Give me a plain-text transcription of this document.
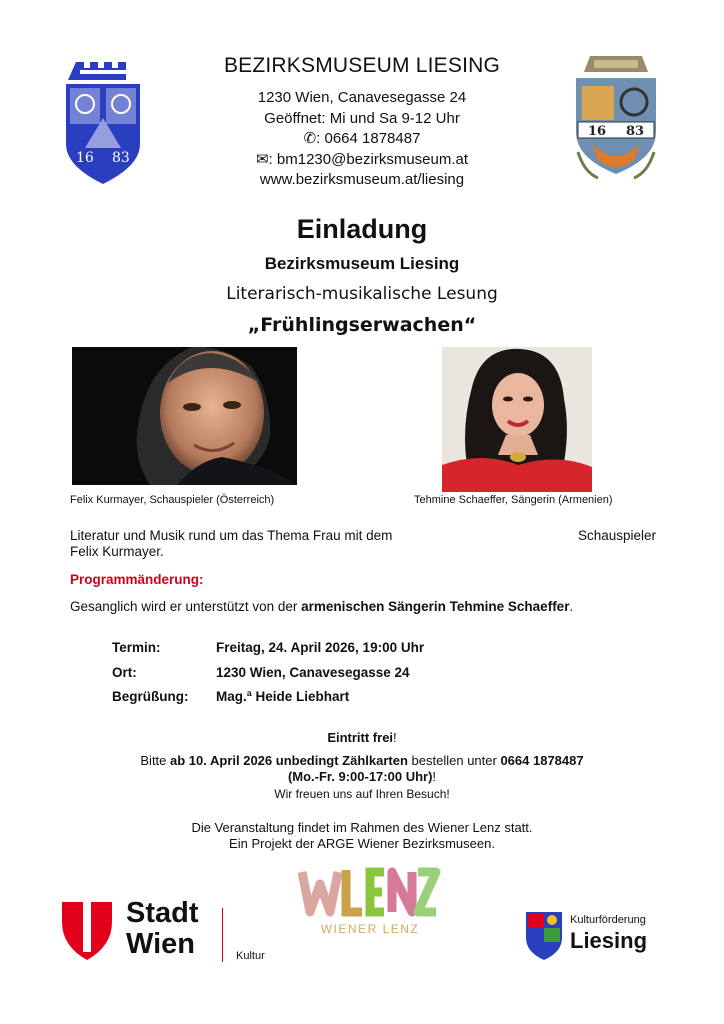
16 83
16 83
BEZIRKSMUSEUM LIESING
1230 Wien, Canavesegasse 24
Geöffnet: Mi und Sa 9-12 Uhr
✆: 0664 1878487
✉: bm1230@bezirksmuseum.at
www.bezirksmuseum.at/liesing
Einladung
Bezirksmuseum Liesing
Literarisch-musikalische Lesung
„Frühlingserwachen“
Felix Kurmayer, Schauspieler (Österreich)	Tehmine Schaeffer, Sängerin (Armenien)
Literatur und Musik rund um das Thema Frau mit dem	Schauspieler
Felix Kurmayer.
Programmänderung:
Gesanglich wird er unterstützt von der armenischen Sängerin Tehmine Schaeffer.
Termin:	Freitag, 24. April 2026, 19:00 Uhr
Ort:	1230 Wien, Canavesegasse 24
Begrüßung: Mag.ª Heide Liebhart
Eintritt frei!
Bitte ab 10. April 2026 unbedingt Zählkarten bestellen unter 0664 1878487
(Mo.-Fr. 9:00-17:00 Uhr)!
Wir freuen uns auf Ihren Besuch!
Die Veranstaltung findet im Rahmen des Wiener Lenz statt.
Ein Projekt der ARGE Wiener Bezirksmuseen.
Stadt
Wien	Kultur
WIENER LENZ
Kulturförderung
Liesing
